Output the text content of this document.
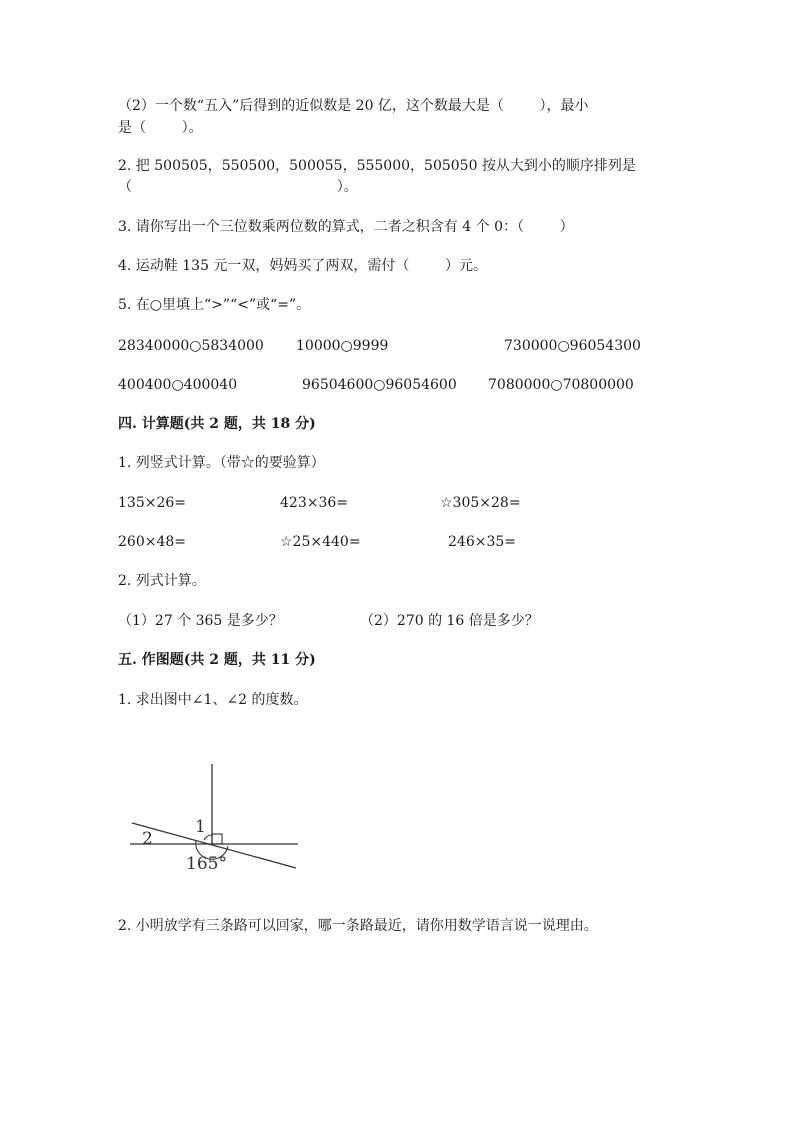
（2）一个数“五入”后得到的近似数是 20 亿，这个数最大是（        ），最小
是（        ）。
2. 把 500505，550500，500055，555000，505050 按从大到小的顺序排列是
（                                              ）。
3. 请你写出一个三位数乘两位数的算式，二者之积含有 4 个 0：（        ）
4. 运动鞋 135 元一双，妈妈买了两双，需付（        ）元。
5. 在○里填上“>”“<”或“=”。
28340000○5834000 10000○9999	730000○96054300
400400○400040	96504600○96054600 7080000○70800000
四. 计算题(共 2 题，共 18 分)
1. 列竖式计算。（带☆的要验算）
135×26=	423×36=	☆305×28=
260×48=	☆25×440=	246×35=
2. 列式计算。
（1）27 个 365 是多少？	（2）270 的 16 倍是多少？
五. 作图题(共 2 题，共 11 分)
1. 求出图中∠1、∠2 的度数。
1
2
165°
2. 小明放学有三条路可以回家，哪一条路最近，请你用数学语言说一说理由。
